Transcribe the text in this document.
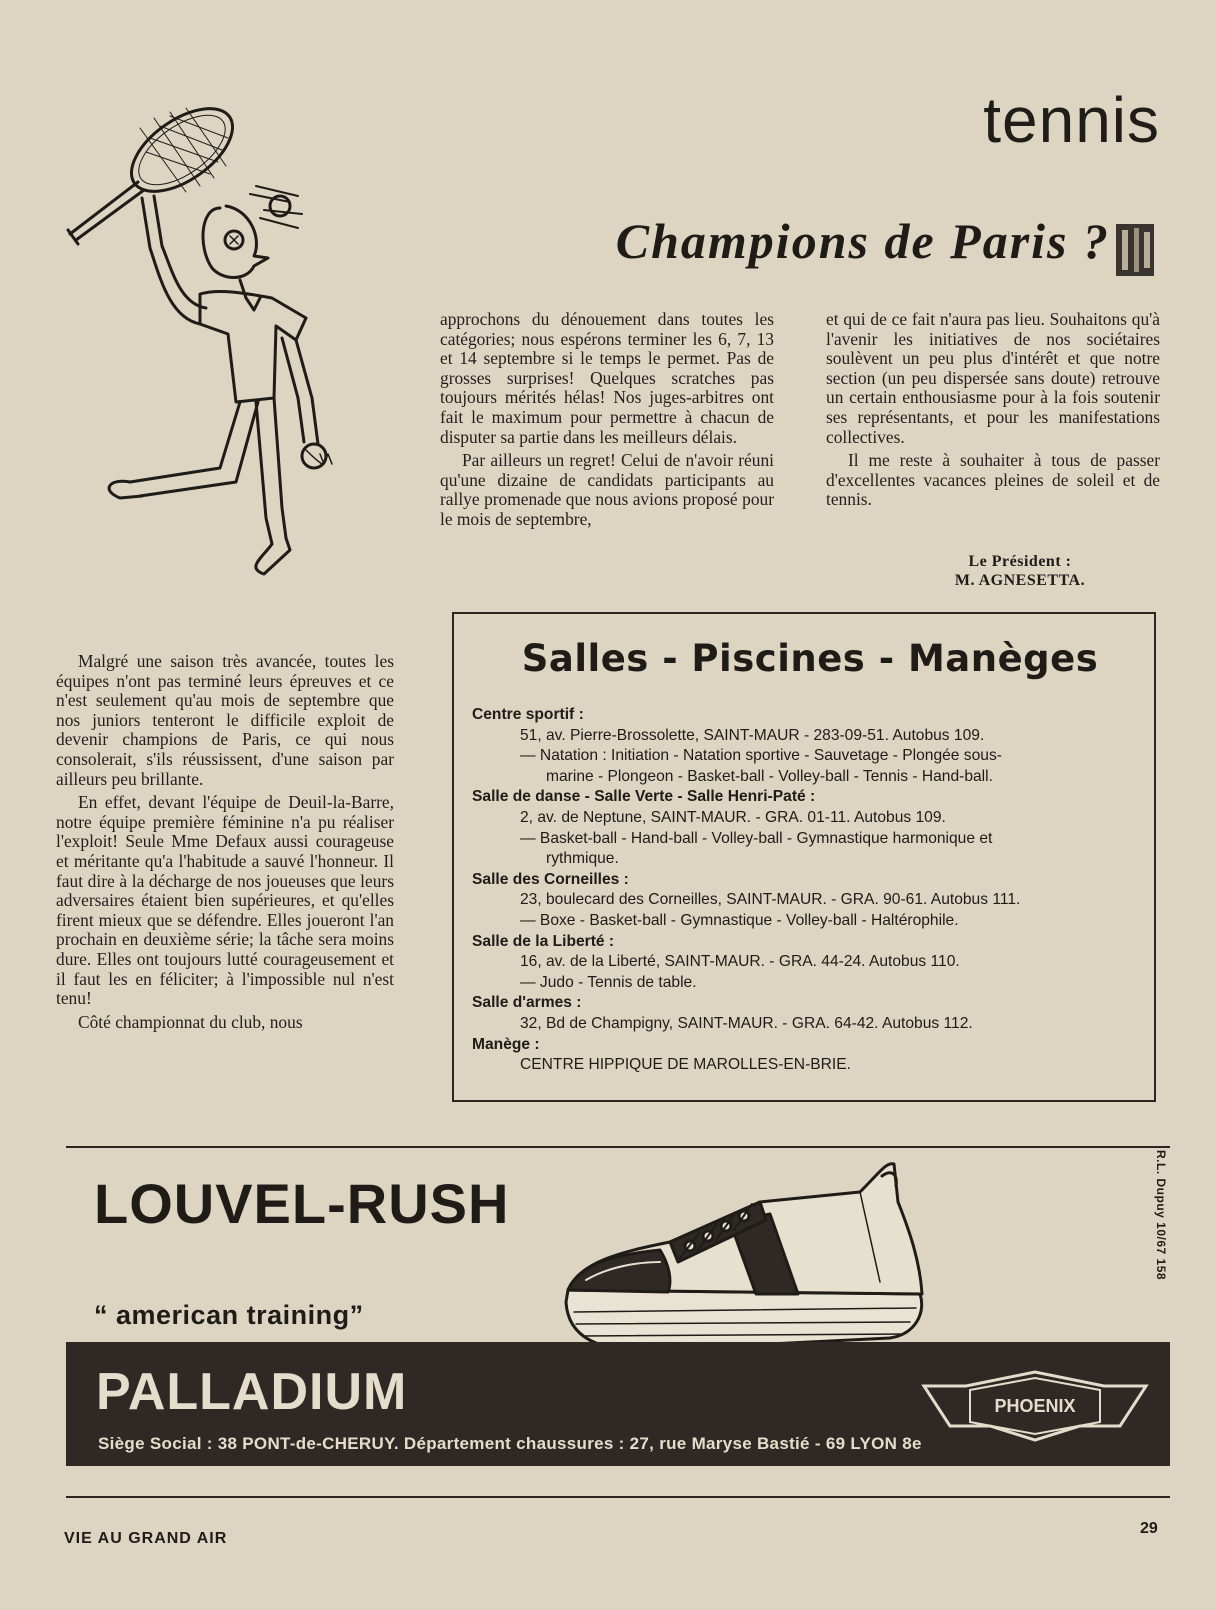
tennis
Champions de Paris ?

Malgré une saison très avancée, toutes les équipes n'ont pas terminé leurs épreuves et ce n'est seulement qu'au mois de septembre que nos juniors tenteront le difficile exploit de devenir champions de Paris, ce qui nous consolerait, s'ils réussissent, d'une saison par ailleurs peu brillante.

En effet, devant l'équipe de Deuil-la-Barre, notre équipe première féminine n'a pu réaliser l'exploit! Seule Mme Defaux aussi courageuse et méritante qu'a l'habitude a sauvé l'honneur. Il faut dire à la décharge de nos joueuses que leurs adversaires étaient bien supérieures, et qu'elles firent mieux que se défendre. Elles joueront l'an prochain en deuxième série; la tâche sera moins dure. Elles ont toujours lutté courageusement et il faut les en féliciter; à l'impossible nul n'est tenu!

Côté championnat du club, nous

approchons du dénouement dans toutes les catégories; nous espérons terminer les 6, 7, 13 et 14 septembre si le temps le permet. Pas de grosses surprises! Quelques scratches pas toujours mérités hélas! Nos juges-arbitres ont fait le maximum pour permettre à chacun de disputer sa partie dans les meilleurs délais.

Par ailleurs un regret! Celui de n'avoir réuni qu'une dizaine de candidats participants au rallye promenade que nous avions proposé pour le mois de septembre,

et qui de ce fait n'aura pas lieu. Souhaitons qu'à l'avenir les initiatives de nos sociétaires soulèvent un peu plus d'intérêt et que notre section (un peu dispersée sans doute) retrouve un certain enthousiasme pour à la fois soutenir ses représentants, et pour les manifestations collectives.

Il me reste à souhaiter à tous de passer d'excellentes vacances pleines de soleil et de tennis.

Le Président :
M. AGNESETTA.
Salles - Piscines - Manèges
Centre sportif :
51, av. Pierre-Brossolette, SAINT-MAUR - 283-09-51. Autobus 109.
— Natation : Initiation - Natation sportive - Sauvetage - Plongée sous-
marine - Plongeon - Basket-ball - Volley-ball - Tennis - Hand-ball.
Salle de danse - Salle Verte - Salle Henri-Paté :
2, av. de Neptune, SAINT-MAUR. - GRA. 01-11. Autobus 109.
— Basket-ball - Hand-ball - Volley-ball - Gymnastique harmonique et
rythmique.
Salle des Corneilles :
23, boulecard des Corneilles, SAINT-MAUR. - GRA. 90-61. Autobus 111.
— Boxe - Basket-ball - Gymnastique - Volley-ball - Haltérophile.
Salle de la Liberté :
16, av. de la Liberté, SAINT-MAUR. - GRA. 44-24. Autobus 110.
— Judo - Tennis de table.
Salle d'armes :
32, Bd de Champigny, SAINT-MAUR. - GRA. 64-42. Autobus 112.
Manège :
CENTRE HIPPIQUE DE MAROLLES-EN-BRIE.
R.L. Dupuy 10/67 158
LOUVEL-RUSH
“ american training”
PALLADIUM
Siège Social : 38 PONT-de-CHERUY. Département chaussures : 27, rue Maryse Bastié - 69 LYON 8e
PHOENIX
VIE AU GRAND AIR
29
